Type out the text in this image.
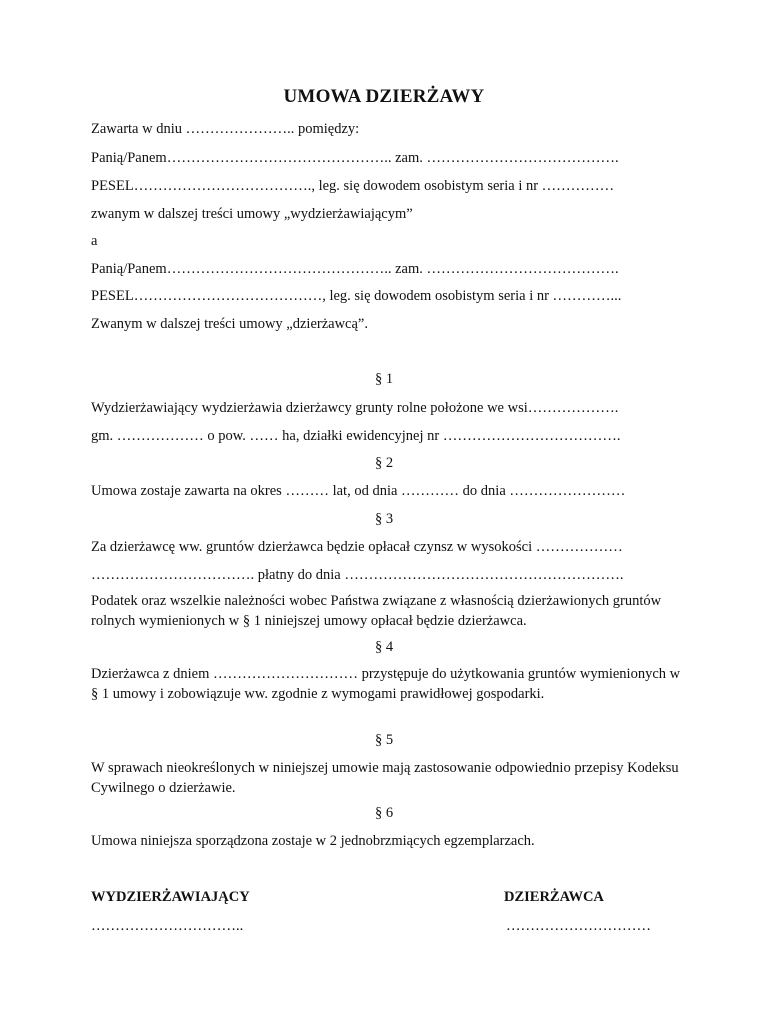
UMOWA DZIERŻAWY
Zawarta w dniu ………………….. pomiędzy:
Panią/Panem……………………………………….. zam. ………………………………….
PESEL………………………………., leg. się dowodem osobistym seria i nr ……………
zwanym w dalszej treści umowy „wydzierżawiającym”
a
Panią/Panem……………………………………….. zam. ………………………………….
PESEL…………………………………, leg. się dowodem osobistym seria i nr …………...
Zwanym w dalszej treści umowy „dzierżawcą”.
§ 1
Wydzierżawiający wydzierżawia dzierżawcy grunty rolne położone we wsi……………….
gm. ……………… o pow. …… ha, działki ewidencyjnej nr ……………………………….
§ 2
Umowa zostaje zawarta na okres ……… lat, od dnia ………… do dnia ……………………
§ 3
Za dzierżawcę ww. gruntów dzierżawca będzie opłacał czynsz w wysokości ………………
……………………………. płatny do dnia ………………………………………………….
Podatek oraz wszelkie należności wobec Państwa związane z własnością dzierżawionych gruntów rolnych wymienionych w § 1 niniejszej umowy opłacał będzie dzierżawca.
§ 4
Dzierżawca z dniem ………………………… przystępuje do użytkowania gruntów wymienionych w § 1 umowy i zobowiązuje ww. zgodnie z wymogami prawidłowej gospodarki.
§ 5
W sprawach nieokreślonych w niniejszej umowie mają zastosowanie odpowiednio przepisy Kodeksu Cywilnego o dzierżawie.
§ 6
Umowa niniejsza sporządzona zostaje w 2 jednobrzmiących egzemplarzach.
WYDZIERŻAWIAJĄCY	DZIERŻAWCA
…………………………..	…………………………
